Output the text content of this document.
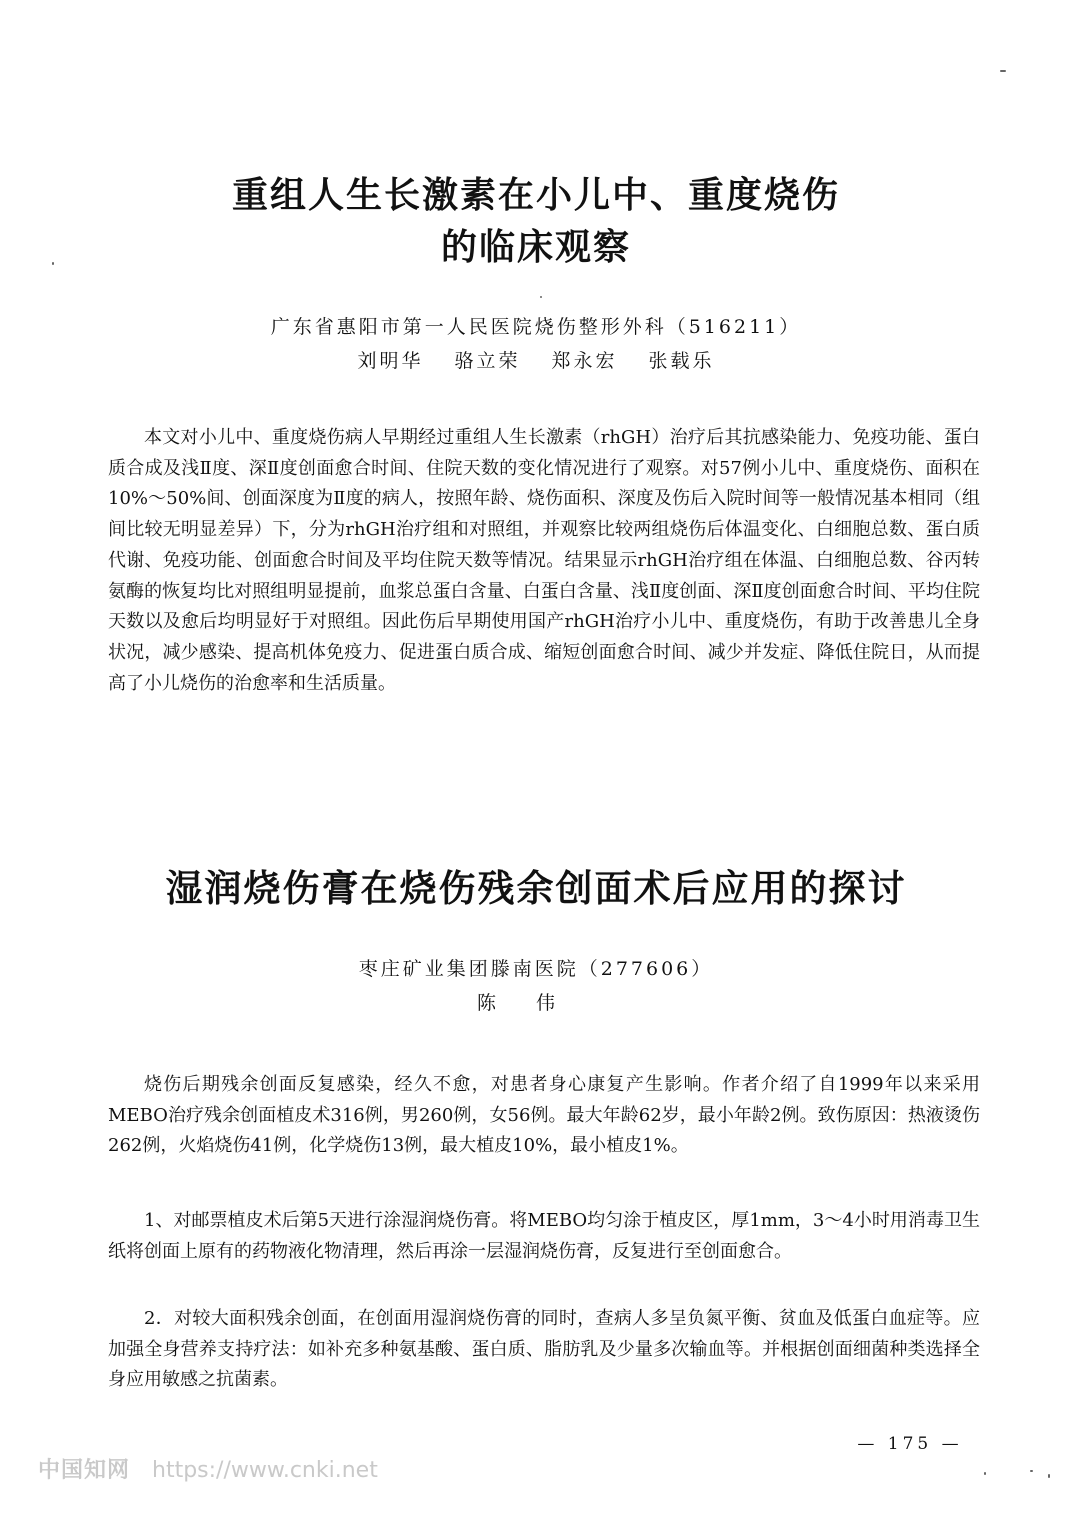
重组人生长激素在小儿中、重度烧伤
的临床观察
广东省惠阳市第一人民医院烧伤整形外科（516211）
刘明华 骆立荣 郑永宏 张载乐

本文对小儿中、重度烧伤病人早期经过重组人生长激素（rhGH）治疗后其抗感染能力、免疫功能、蛋白质合成及浅Ⅱ度、深Ⅱ度创面愈合时间、住院天数的变化情况进行了观察。对57例小儿中、重度烧伤、面积在10%～50%间、创面深度为Ⅱ度的病人，按照年龄、烧伤面积、深度及伤后入院时间等一般情况基本相同（组间比较无明显差异）下，分为rhGH治疗组和对照组，并观察比较两组烧伤后体温变化、白细胞总数、蛋白质代谢、免疫功能、创面愈合时间及平均住院天数等情况。结果显示rhGH治疗组在体温、白细胞总数、谷丙转氨酶的恢复均比对照组明显提前，血浆总蛋白含量、白蛋白含量、浅Ⅱ度创面、深Ⅱ度创面愈合时间、平均住院天数以及愈后均明显好于对照组。因此伤后早期使用国产rhGH治疗小儿中、重度烧伤，有助于改善患儿全身状况，减少感染、提高机体免疫力、促进蛋白质合成、缩短创面愈合时间、减少并发症、降低住院日，从而提高了小儿烧伤的治愈率和生活质量。

湿润烧伤膏在烧伤残余创面术后应用的探讨
枣庄矿业集团滕南医院（277606）
陈伟

烧伤后期残余创面反复感染，经久不愈，对患者身心康复产生影响。作者介绍了自1999年以来采用MEBO治疗残余创面植皮术316例，男260例，女56例。最大年龄62岁，最小年龄2例。致伤原因：热液烫伤262例，火焰烧伤41例，化学烧伤13例，最大植皮10%，最小植皮1%。

1、对邮票植皮术后第5天进行涂湿润烧伤膏。将MEBO均匀涂于植皮区，厚1mm，3～4小时用消毒卫生纸将创面上原有的药物液化物清理，然后再涂一层湿润烧伤膏，反复进行至创面愈合。

2．对较大面积残余创面，在创面用湿润烧伤膏的同时，查病人多呈负氮平衡、贫血及低蛋白血症等。应加强全身营养支持疗法：如补充多种氨基酸、蛋白质、脂肪乳及少量多次输血等。并根据创面细菌种类选择全身应用敏感之抗菌素。

— 175 —
中国知网 https://www.cnki.net
